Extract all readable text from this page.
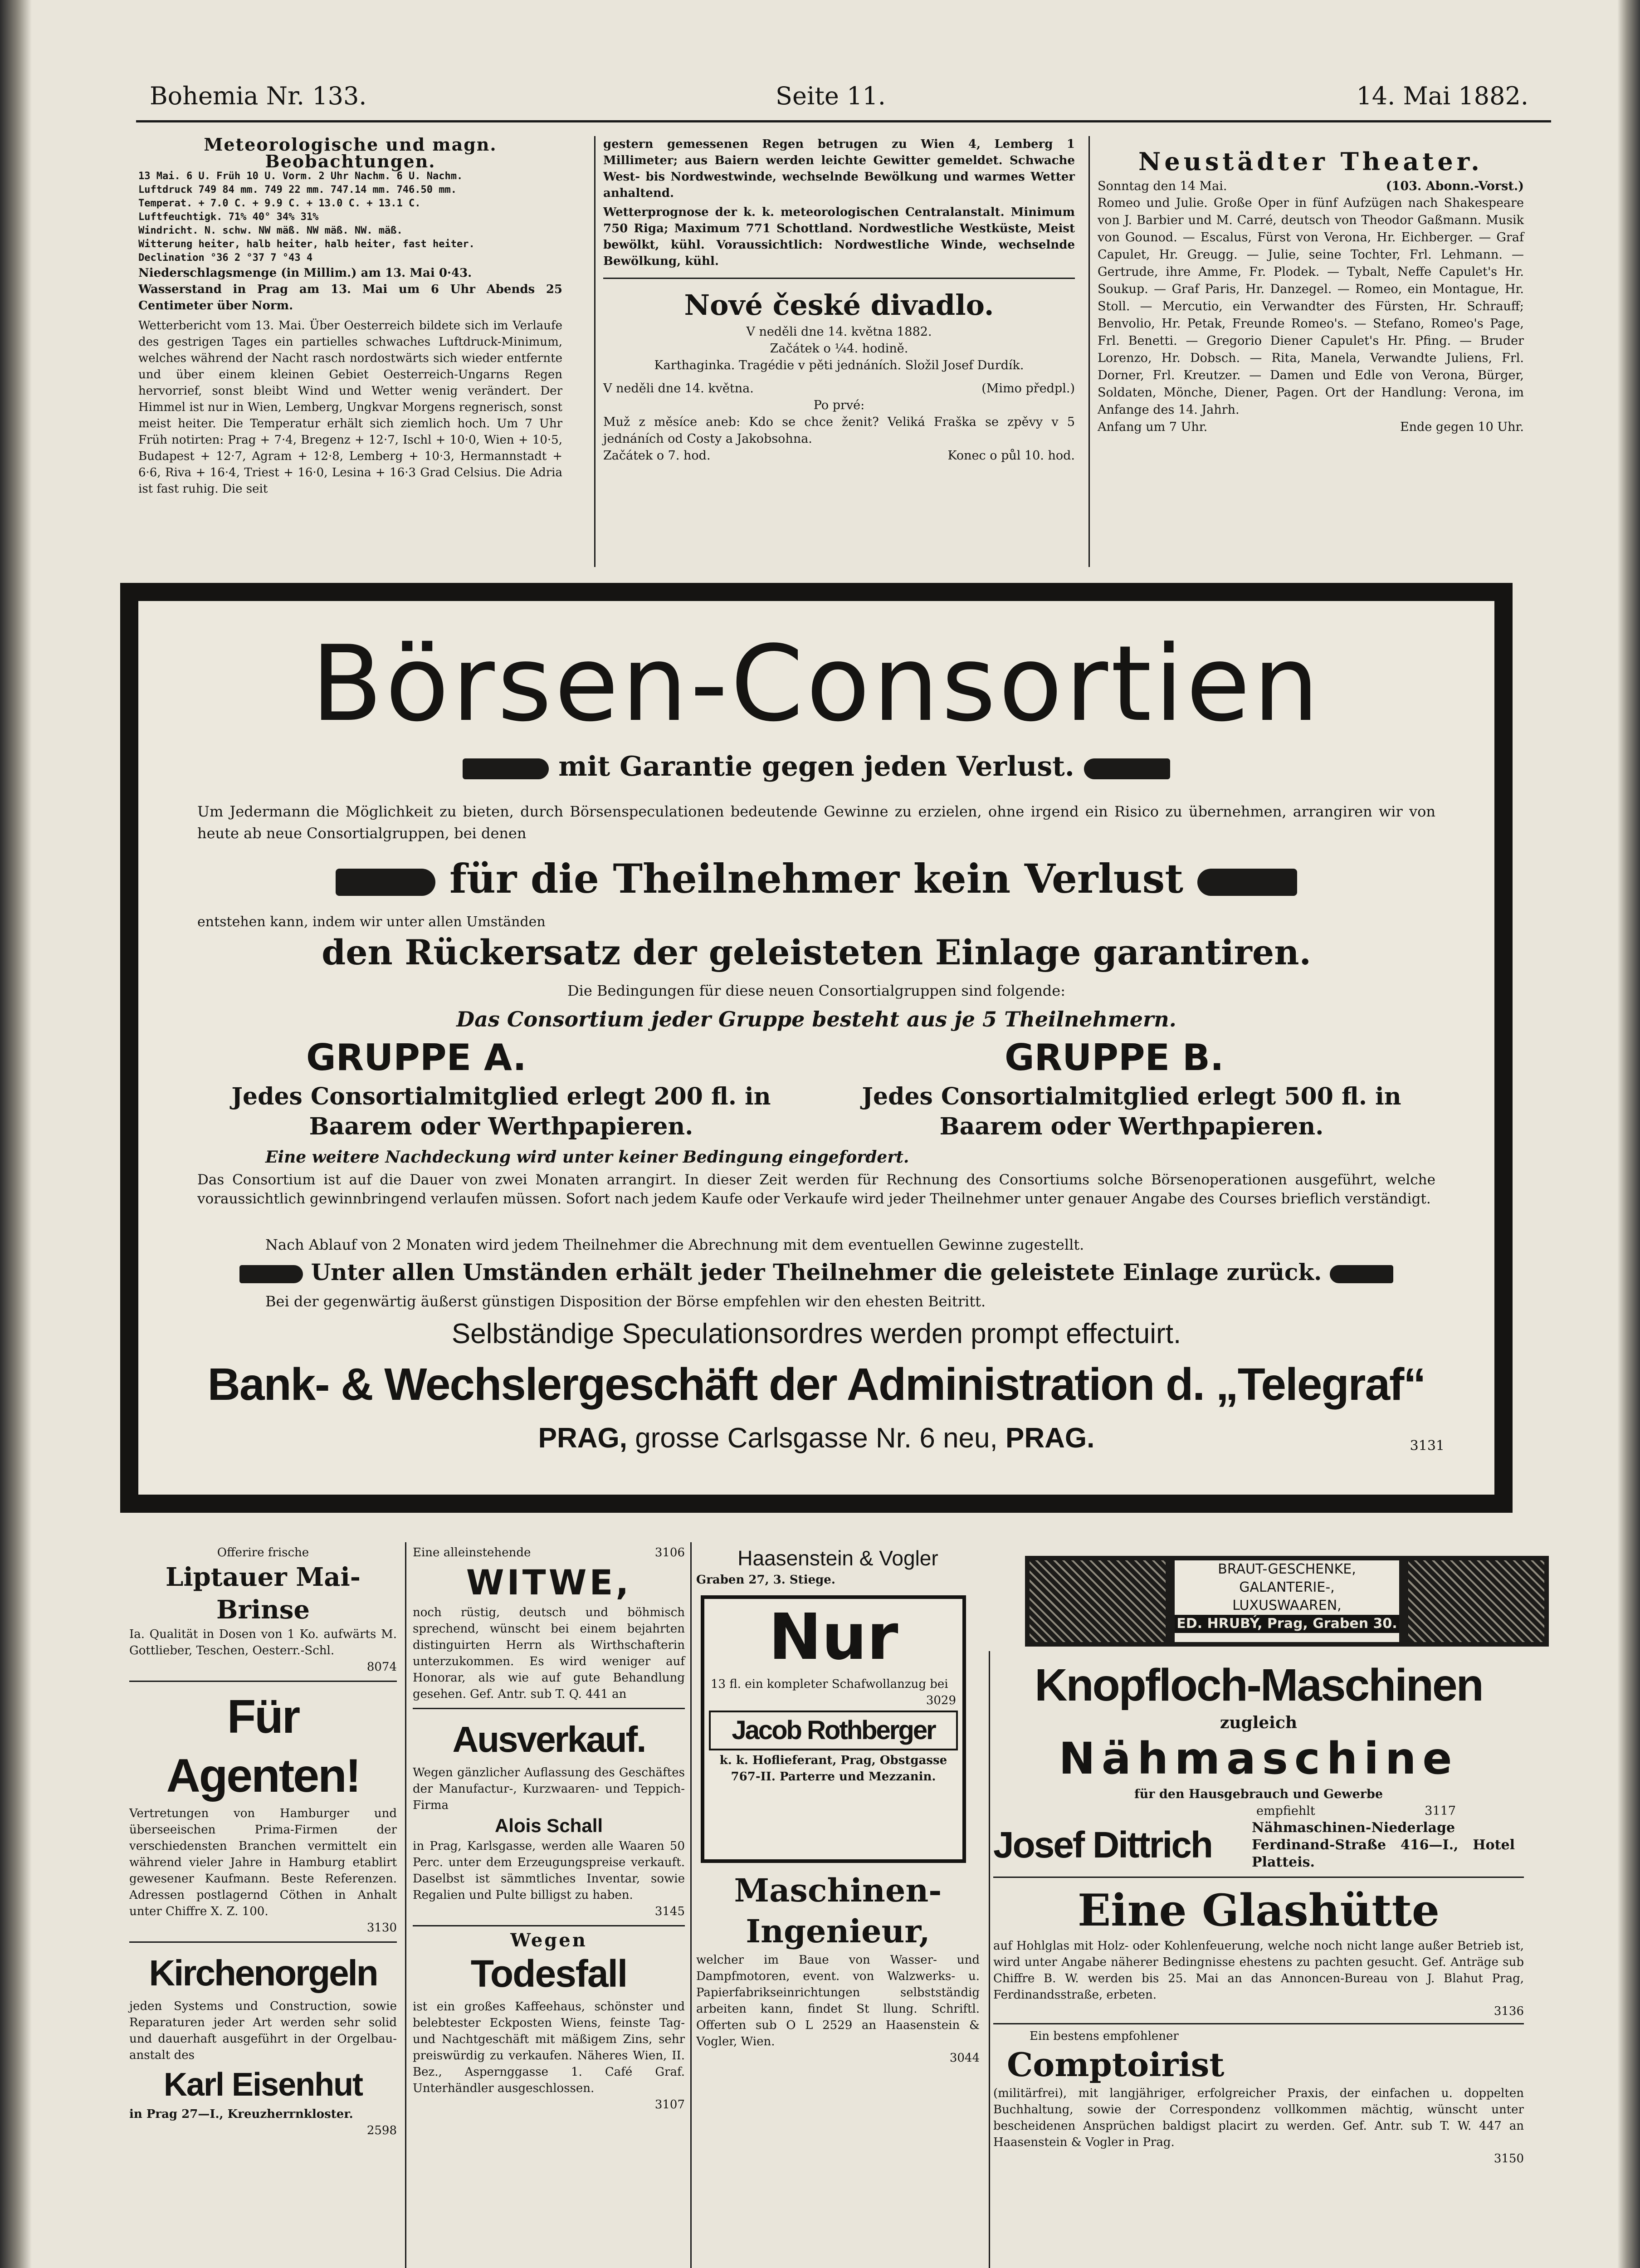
Bohemia Nr. 133.	Seite 11.	14. Mai 1882.
Meteorologische und magn. Beobachtungen.
13 Mai. 6 U. Früh 10 U. Vorm. 2 Uhr Nachm. 6 U. Nachm.
Luftdruck 749 84 mm. 749 22 mm. 747.14 mm. 746.50 mm.
Temperat. + 7.0 C. + 9.9 C. + 13.0 C. + 13.1 C.
Luftfeuchtigk. 71% 40° 34% 31%
Windricht. N. schw. NW mäß. NW mäß. NW. mäß.
Witterung heiter, halb heiter, halb heiter, fast heiter.
Declination °36 2 °37 7 °43 4
Niederschlagsmenge (in Millim.) am 13. Mai 0·43.
Wasserstand in Prag am 13. Mai um 6 Uhr Abends 25 Centimeter über Norm.
Wetterbericht vom 13. Mai. Über Oesterreich bildete sich im Verlaufe des gestrigen Tages ein partielles schwaches Luftdruck-Minimum, welches während der Nacht rasch nordostwärts sich wieder entfernte und über einem kleinen Gebiet Oesterreich-Ungarns Regen hervorrief, sonst bleibt Wind und Wetter wenig verändert. Der Himmel ist nur in Wien, Lemberg, Ungkvar Morgens regnerisch, sonst meist heiter. Die Temperatur erhält sich ziemlich hoch. Um 7 Uhr Früh notirten: Prag + 7·4, Bregenz + 12·7, Ischl + 10·0, Wien + 10·5, Budapest + 12·7, Agram + 12·8, Lemberg + 10·3, Hermannstadt + 6·6, Riva + 16·4, Triest + 16·0, Lesina + 16·3 Grad Celsius. Die Adria ist fast ruhig. Die seit
gestern gemessenen Regen betrugen zu Wien 4, Lemberg 1 Millimeter; aus Baiern werden leichte Gewitter gemeldet. Schwache West- bis Nordwestwinde, wechselnde Bewölkung und warmes Wetter anhaltend.
Wetterprognose der k. k. meteorologischen Centralanstalt. Minimum 750 Riga; Maximum 771 Schottland. Nordwestliche Westküste, Meist bewölkt, kühl. Voraussichtlich: Nordwestliche Winde, wechselnde Bewölkung, kühl.
Nové české divadlo.
V neděli dne 14. května 1882.
Začátek o ¼4. hodině.
Karthaginka. Tragédie v pěti jednáních. Složil Josef Durdík.
V neděli dne 14. května.	(Mimo předpl.)
Po prvé:
Muž z měsíce aneb: Kdo se chce ženit? Veliká Fraška se zpěvy v 5 jednáních od Costy a Jakobsohna.
Začátek o 7. hod.	Konec o půl 10. hod.
Neustädter Theater.
Sonntag den 14 Mai.	(103. Abonn.-Vorst.)
Romeo und Julie. Große Oper in fünf Aufzügen nach Shakespeare von J. Barbier und M. Carré, deutsch von Theodor Gaßmann. Musik von Gounod. — Escalus, Fürst von Verona, Hr. Eichberger. — Graf Capulet, Hr. Greugg. — Julie, seine Tochter, Frl. Lehmann. — Gertrude, ihre Amme, Fr. Plodek. — Tybalt, Neffe Capulet's Hr. Soukup. — Graf Paris, Hr. Danzegel. — Romeo, ein Montague, Hr. Stoll. — Mercutio, ein Verwandter des Fürsten, Hr. Schrauff; Benvolio, Hr. Petak, Freunde Romeo's. — Stefano, Romeo's Page, Frl. Benetti. — Gregorio Diener Capulet's Hr. Pfing. — Bruder Lorenzo, Hr. Dobsch. — Rita, Manela, Verwandte Juliens, Frl. Dorner, Frl. Kreutzer. — Damen und Edle von Verona, Bürger, Soldaten, Mönche, Diener, Pagen. Ort der Handlung: Verona, im Anfange des 14. Jahrh.
Anfang um 7 Uhr.	Ende gegen 10 Uhr.
Börsen-Consortien
mit Garantie gegen jeden Verlust.
Um Jedermann die Möglichkeit zu bieten, durch Börsenspeculationen bedeutende Gewinne zu erzielen, ohne irgend ein Risico zu übernehmen, arrangiren wir von heute ab neue Consortialgruppen, bei denen
für die Theilnehmer kein Verlust
entstehen kann, indem wir unter allen Umständen
den Rückersatz der geleisteten Einlage garantiren.
Die Bedingungen für diese neuen Consortialgruppen sind folgende:
Das Consortium jeder Gruppe besteht aus je 5 Theilnehmern.
GRUPPE A.	GRUPPE B.
Jedes Consortialmitglied erlegt 200 fl. in Baarem oder Werthpapieren.
Jedes Consortialmitglied erlegt 500 fl. in Baarem oder Werthpapieren.
Eine weitere Nachdeckung wird unter keiner Bedingung eingefordert.
Das Consortium ist auf die Dauer von zwei Monaten arrangirt. In dieser Zeit werden für Rechnung des Consortiums solche Börsenoperationen ausgeführt, welche voraussichtlich gewinnbringend verlaufen müssen. Sofort nach jedem Kaufe oder Verkaufe wird jeder Theilnehmer unter genauer Angabe des Courses brieflich verständigt.
Nach Ablauf von 2 Monaten wird jedem Theilnehmer die Abrechnung mit dem eventuellen Gewinne zugestellt.
Unter allen Umständen erhält jeder Theilnehmer die geleistete Einlage zurück.
Bei der gegenwärtig äußerst günstigen Disposition der Börse empfehlen wir den ehesten Beitritt.
Selbständige Speculationsordres werden prompt effectuirt.
Bank- & Wechslergeschäft der Administration d. „Telegraf“
PRAG, grosse Carlsgasse Nr. 6 neu, PRAG.	3131
Offerire frische
Liptauer Mai-Brinse
Ia. Qualität in Dosen von 1 Ko. aufwärts M. Gottlieber, Teschen, Oesterr.-Schl.
8074
Für Agenten!
Vertretungen von Hamburger und überseeischen Prima-Firmen der verschiedensten Branchen vermittelt ein während vieler Jahre in Hamburg etablirt gewesener Kaufmann. Beste Referenzen. Adressen postlagernd Cöthen in Anhalt unter Chiffre X. Z. 100.
3130
Kirchenorgeln
jeden Systems und Construction, sowie Reparaturen jeder Art werden sehr solid und dauerhaft ausgeführt in der Orgelbau-anstalt des
Karl Eisenhut
in Prag 27—I., Kreuzherrnkloster.
2598
Eine alleinstehende	3106
WITWE,
noch rüstig, deutsch und böhmisch sprechend, wünscht bei einem bejahrten distinguirten Herrn als Wirthschafterin unterzukommen. Es wird weniger auf Honorar, als wie auf gute Behandlung gesehen. Gef. Antr. sub T. Q. 441 an
Ausverkauf.
Wegen gänzlicher Auflassung des Geschäftes der Manufactur-, Kurzwaaren- und Teppich-Firma
Alois Schall
in Prag, Karlsgasse, werden alle Waaren 50 Perc. unter dem Erzeugungspreise verkauft. Daselbst ist sämmtliches Inventar, sowie Regalien und Pulte billigst zu haben.
3145
Wegen
Todesfall
ist ein großes Kaffeehaus, schönster und belebtester Eckposten Wiens, feinste Tag- und Nachtgeschäft mit mäßigem Zins, sehr preiswürdig zu verkaufen. Näheres Wien, II. Bez., Aspernggasse 1. Café Graf. Unterhändler ausgeschlossen.
3107
Haasenstein & Vogler
Graben 27, 3. Stiege.
Nur
13 fl. ein kompleter Schafwollanzug bei
3029
Jacob Rothberger
k. k. Hoflieferant, Prag, Obstgasse 767-II. Parterre und Mezzanin.
Maschinen-Ingenieur,
welcher im Baue von Wasser- und Dampfmotoren, event. von Walzwerks- u. Papierfabrikseinrichtungen selbstständig arbeiten kann, findet St llung. Schriftl. Offerten sub O L 2529 an Haasenstein & Vogler, Wien.
3044
BRAUT-GESCHENKE,
GALANTERIE-,
LUXUSWAAREN,
ED. HRUBÝ, Prag, Graben 30.
Knopfloch-Maschinen
zugleich
Nähmaschine
für den Hausgebrauch und Gewerbe
empfiehlt	3117
Josef Dittrich	Nähmaschinen-Niederlage Ferdinand-Straße 416—I., Hotel Platteis.
Eine Glashütte
auf Hohlglas mit Holz- oder Kohlenfeuerung, welche noch nicht lange außer Betrieb ist, wird unter Angabe näherer Bedingnisse ehestens zu pachten gesucht. Gef. Anträge sub Chiffre B. W. werden bis 25. Mai an das Annoncen-Bureau von J. Blahut Prag, Ferdinandsstraße, erbeten.
3136
Ein bestens empfohlener
Comptoirist
(militärfrei), mit langjähriger, erfolgreicher Praxis, der einfachen u. doppelten Buchhaltung, sowie der Correspondenz vollkommen mächtig, wünscht unter bescheidenen Ansprüchen baldigst placirt zu werden. Gef. Antr. sub T. W. 447 an Haasenstein & Vogler in Prag.
3150
